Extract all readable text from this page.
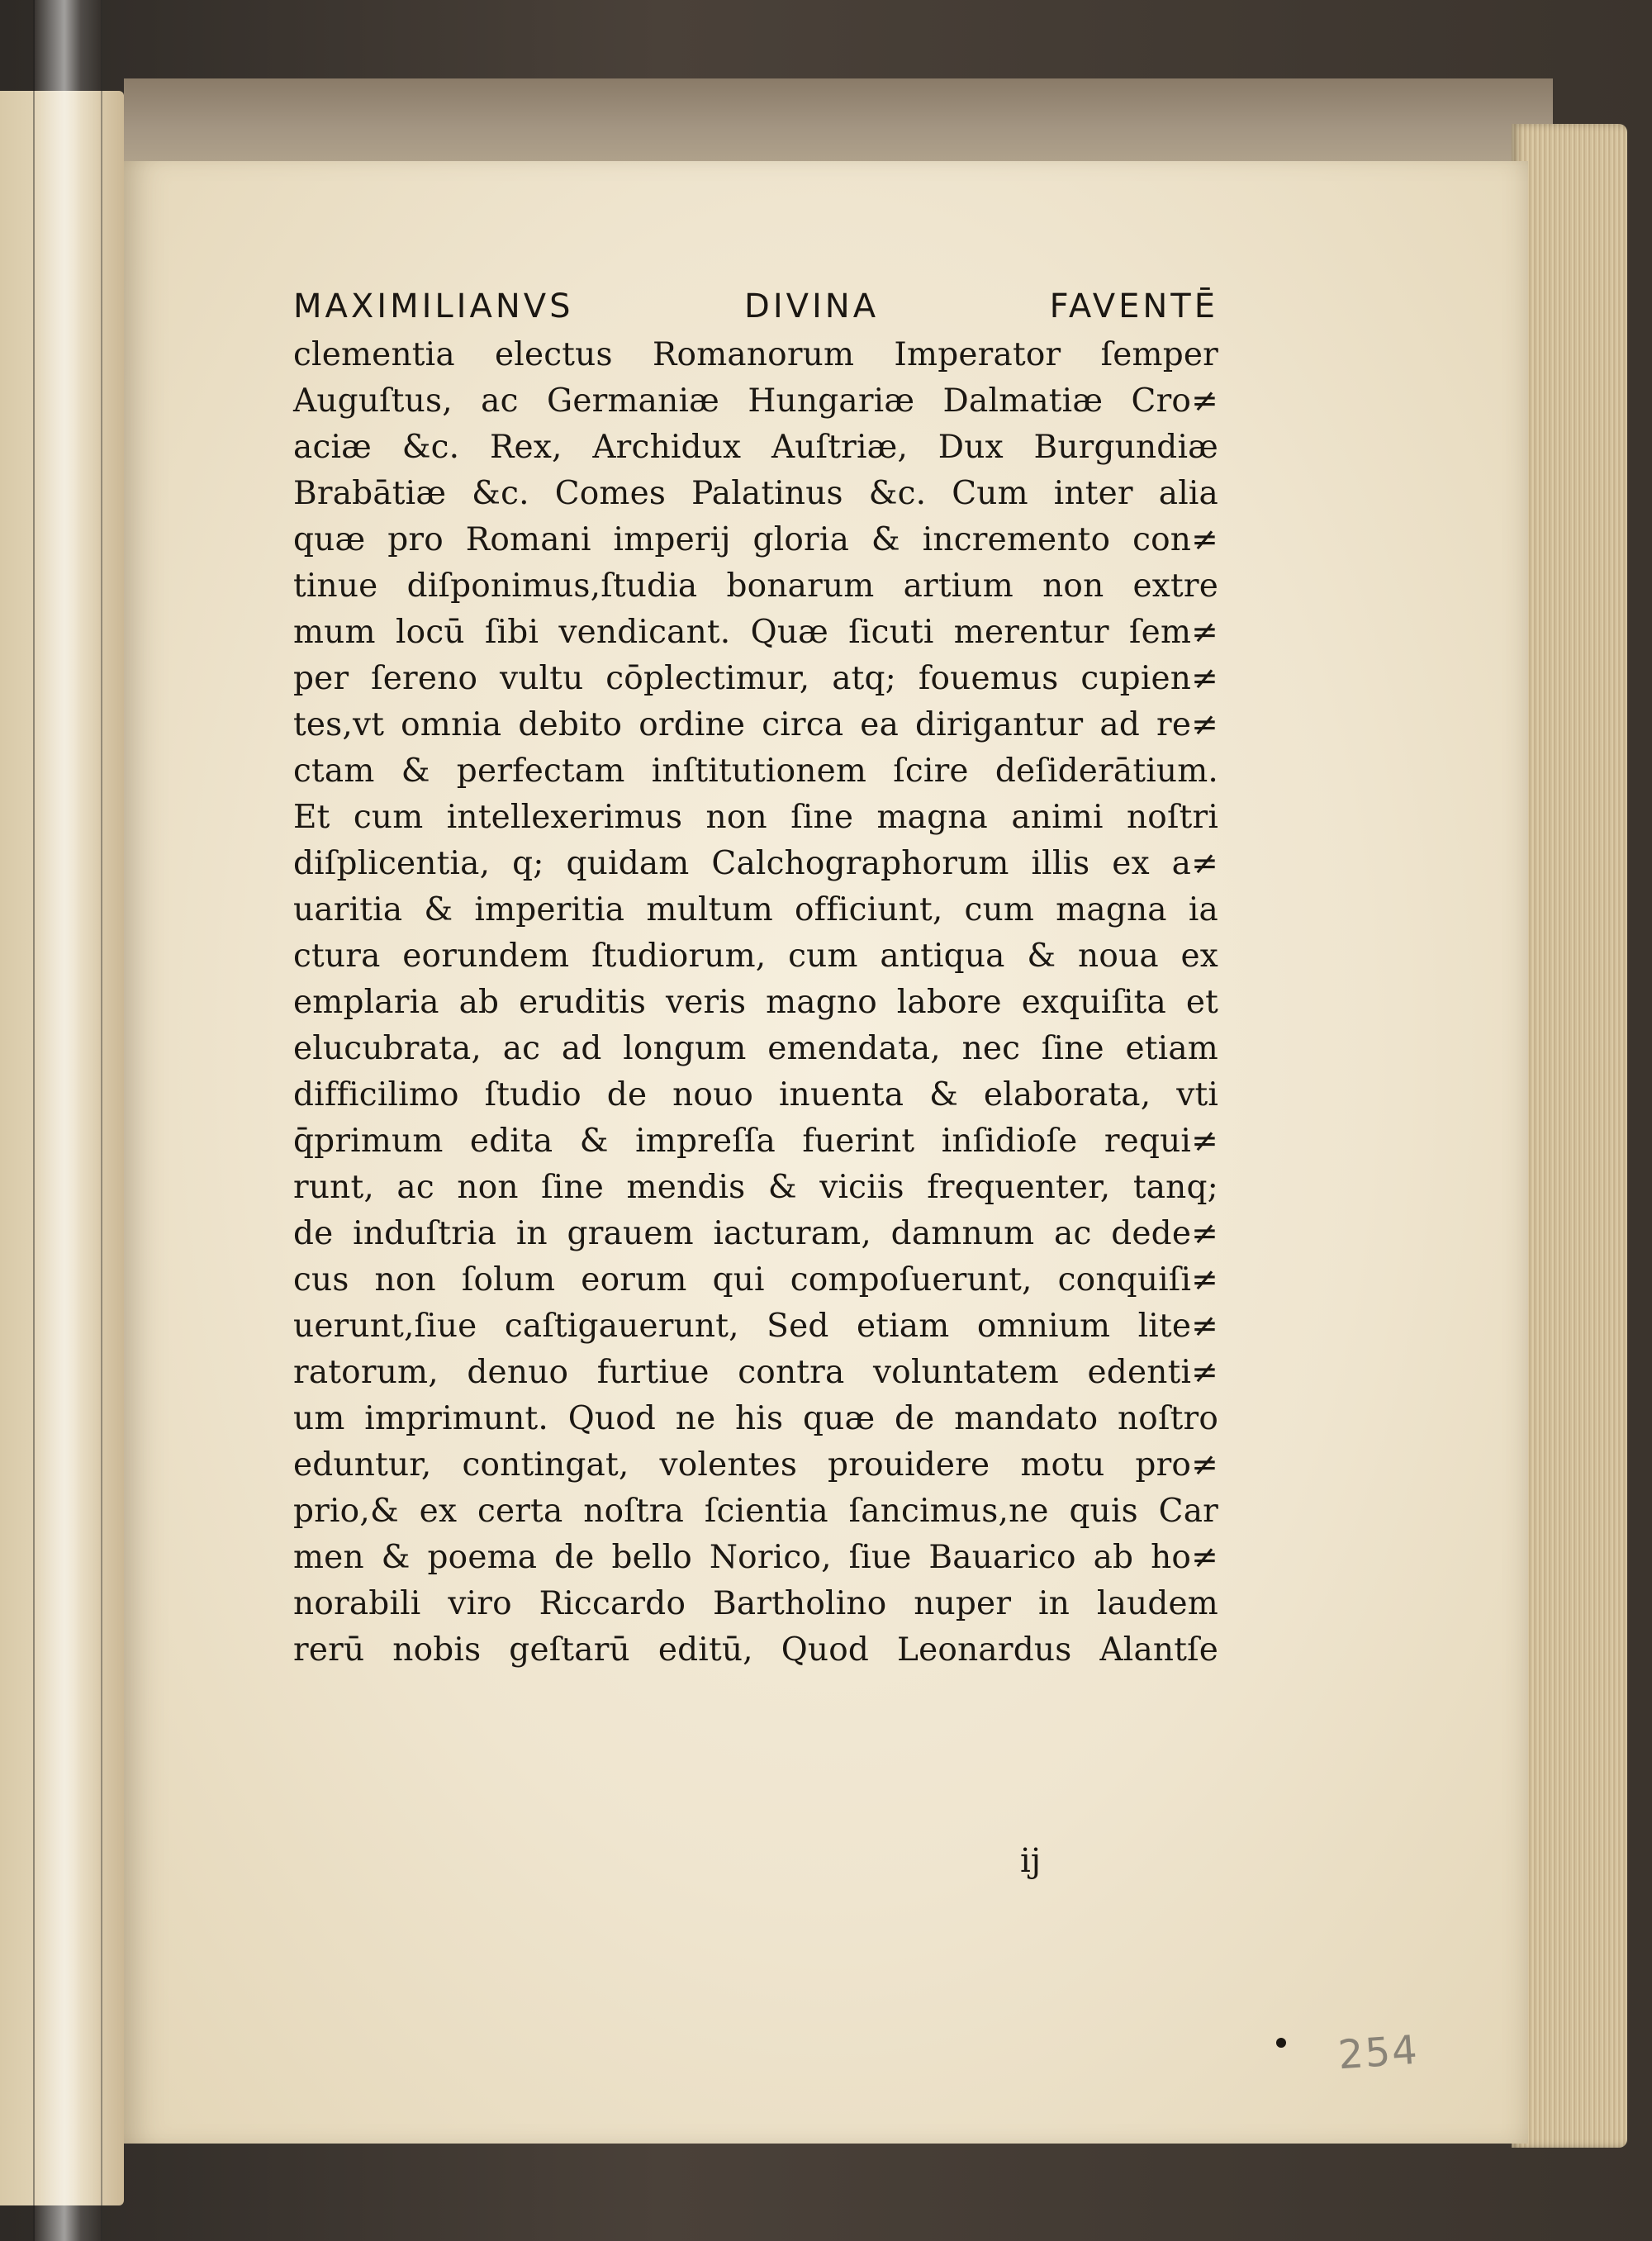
MAXIMILIANVS DIVINA FAVENTĒ
clementia electus Romanorum Imperator ſemper
Auguſtus, ac Germaniæ Hungariæ Dalmatiæ Cro≠
aciæ &c. Rex, Archidux Auſtriæ, Dux Burgundiæ
Brabātiæ &c. Comes Palatinus &c. Cum inter alia
quæ pro Romani imperij gloria & incremento con≠
tinue diſponimus,ſtudia bonarum artium non extre
mum locū ſibi vendicant. Quæ ſicuti merentur ſem≠
per ſereno vultu cōplectimur, atq; fouemus cupien≠
tes,vt omnia debito ordine circa ea dirigantur ad re≠
ctam & perfectam inſtitutionem ſcire deſiderātium.
Et cum intellexerimus non ſine magna animi noſtri
diſplicentia, q; quidam Calchographorum illis ex a≠
uaritia & imperitia multum officiunt, cum magna ia
ctura eorundem ſtudiorum, cum antiqua & noua ex
emplaria ab eruditis veris magno labore exquiſita et
elucubrata, ac ad longum emendata, nec ſine etiam
difficilimo ſtudio de nouo inuenta & elaborata, vti
q̄primum edita & impreſſa fuerint inſidioſe requi≠
runt, ac non ſine mendis & viciis frequenter, tanq;
de induſtria in grauem iacturam, damnum ac dede≠
cus non ſolum eorum qui compoſuerunt, conquiſi≠
uerunt,ſiue caſtigauerunt, Sed etiam omnium lite≠
ratorum, denuo furtiue contra voluntatem edenti≠
um imprimunt. Quod ne his quæ de mandato noſtro
eduntur, contingat, volentes prouidere motu pro≠
prio,& ex certa noſtra ſcientia ſancimus,ne quis Car
men & poema de bello Norico, ſiue Bauarico ab ho≠
norabili viro Riccardo Bartholino nuper in laudem
rerū nobis geſtarū editū, Quod Leonardus Alantſe
ij
254
